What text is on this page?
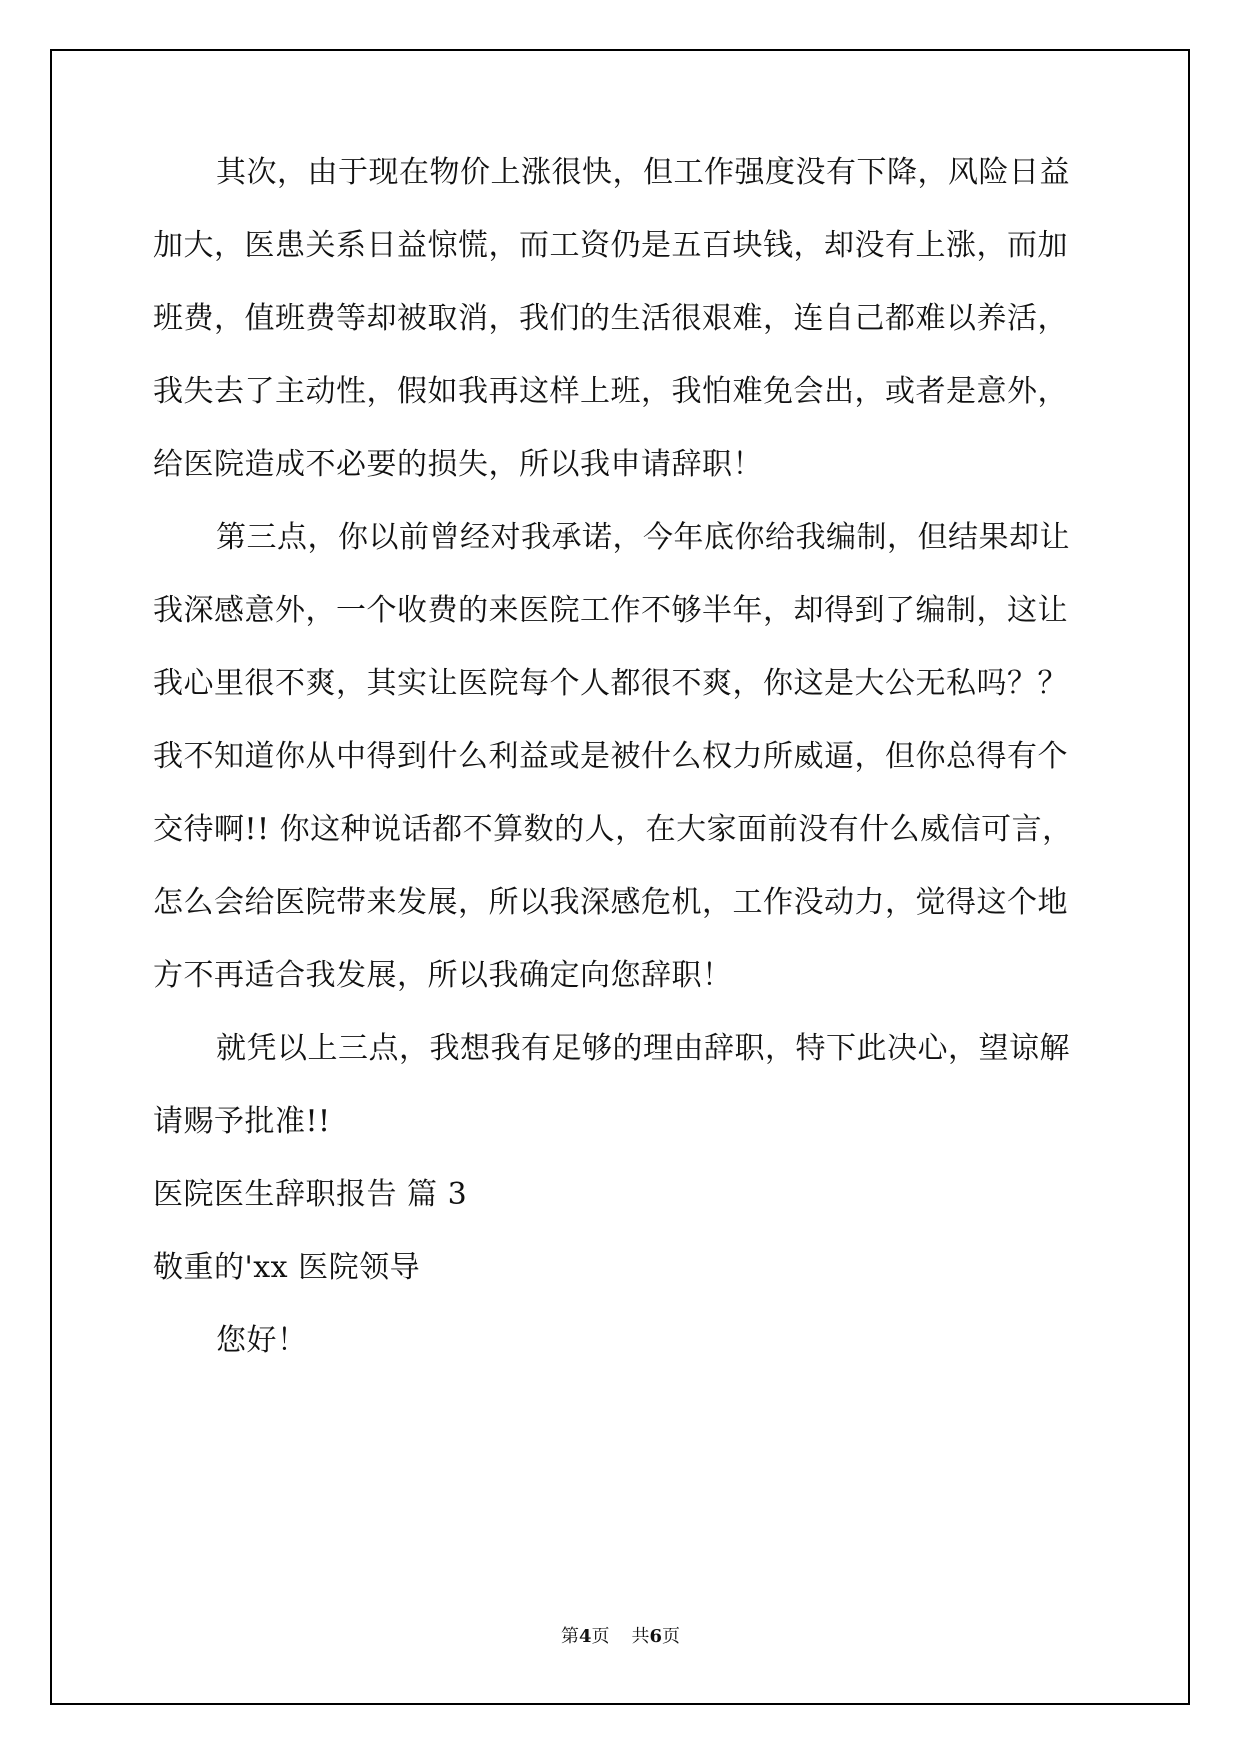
其次，由于现在物价上涨很快，但工作强度没有下降，风险日益

加大，医患关系日益惊慌，而工资仍是五百块钱，却没有上涨，而加

班费，值班费等却被取消，我们的生活很艰难，连自己都难以养活，

我失去了主动性，假如我再这样上班，我怕难免会出，或者是意外，

给医院造成不必要的损失，所以我申请辞职！

第三点，你以前曾经对我承诺，今年底你给我编制，但结果却让

我深感意外，一个收费的来医院工作不够半年，却得到了编制，这让

我心里很不爽，其实让医院每个人都很不爽，你这是大公无私吗？？

我不知道你从中得到什么利益或是被什么权力所威逼，但你总得有个

交待啊!! 你这种说话都不算数的人，在大家面前没有什么威信可言，

怎么会给医院带来发展，所以我深感危机，工作没动力，觉得这个地

方不再适合我发展，所以我确定向您辞职！

就凭以上三点，我想我有足够的理由辞职，特下此决心，望谅解

请赐予批准!!

医院医生辞职报告 篇 3

敬重的'xx 医院领导

您好！

第4页 共6页
